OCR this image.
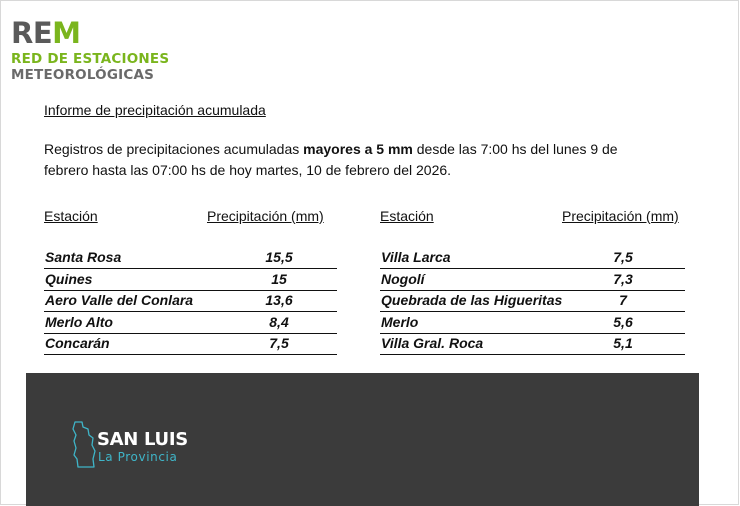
REM
RED DE ESTACIONES
METEOROLÓGICAS
Informe de precipitación acumulada
Registros de precipitaciones acumuladas mayores a 5 mm desde las 7:00 hs del lunes 9 de febrero hasta las 07:00 hs de hoy martes, 10 de febrero del 2026.
Estación	Precipitación (mm)
Santa Rosa	15,5
Quines	15
Aero Valle del Conlara	13,6
Merlo Alto	8,4
Concarán	7,5
Estación	Precipitación (mm)
Villa Larca	7,5
Nogolí	7,3
Quebrada de las Higueritas	7
Merlo	5,6
Villa Gral. Roca	5,1
SAN LUIS
La Provincia
